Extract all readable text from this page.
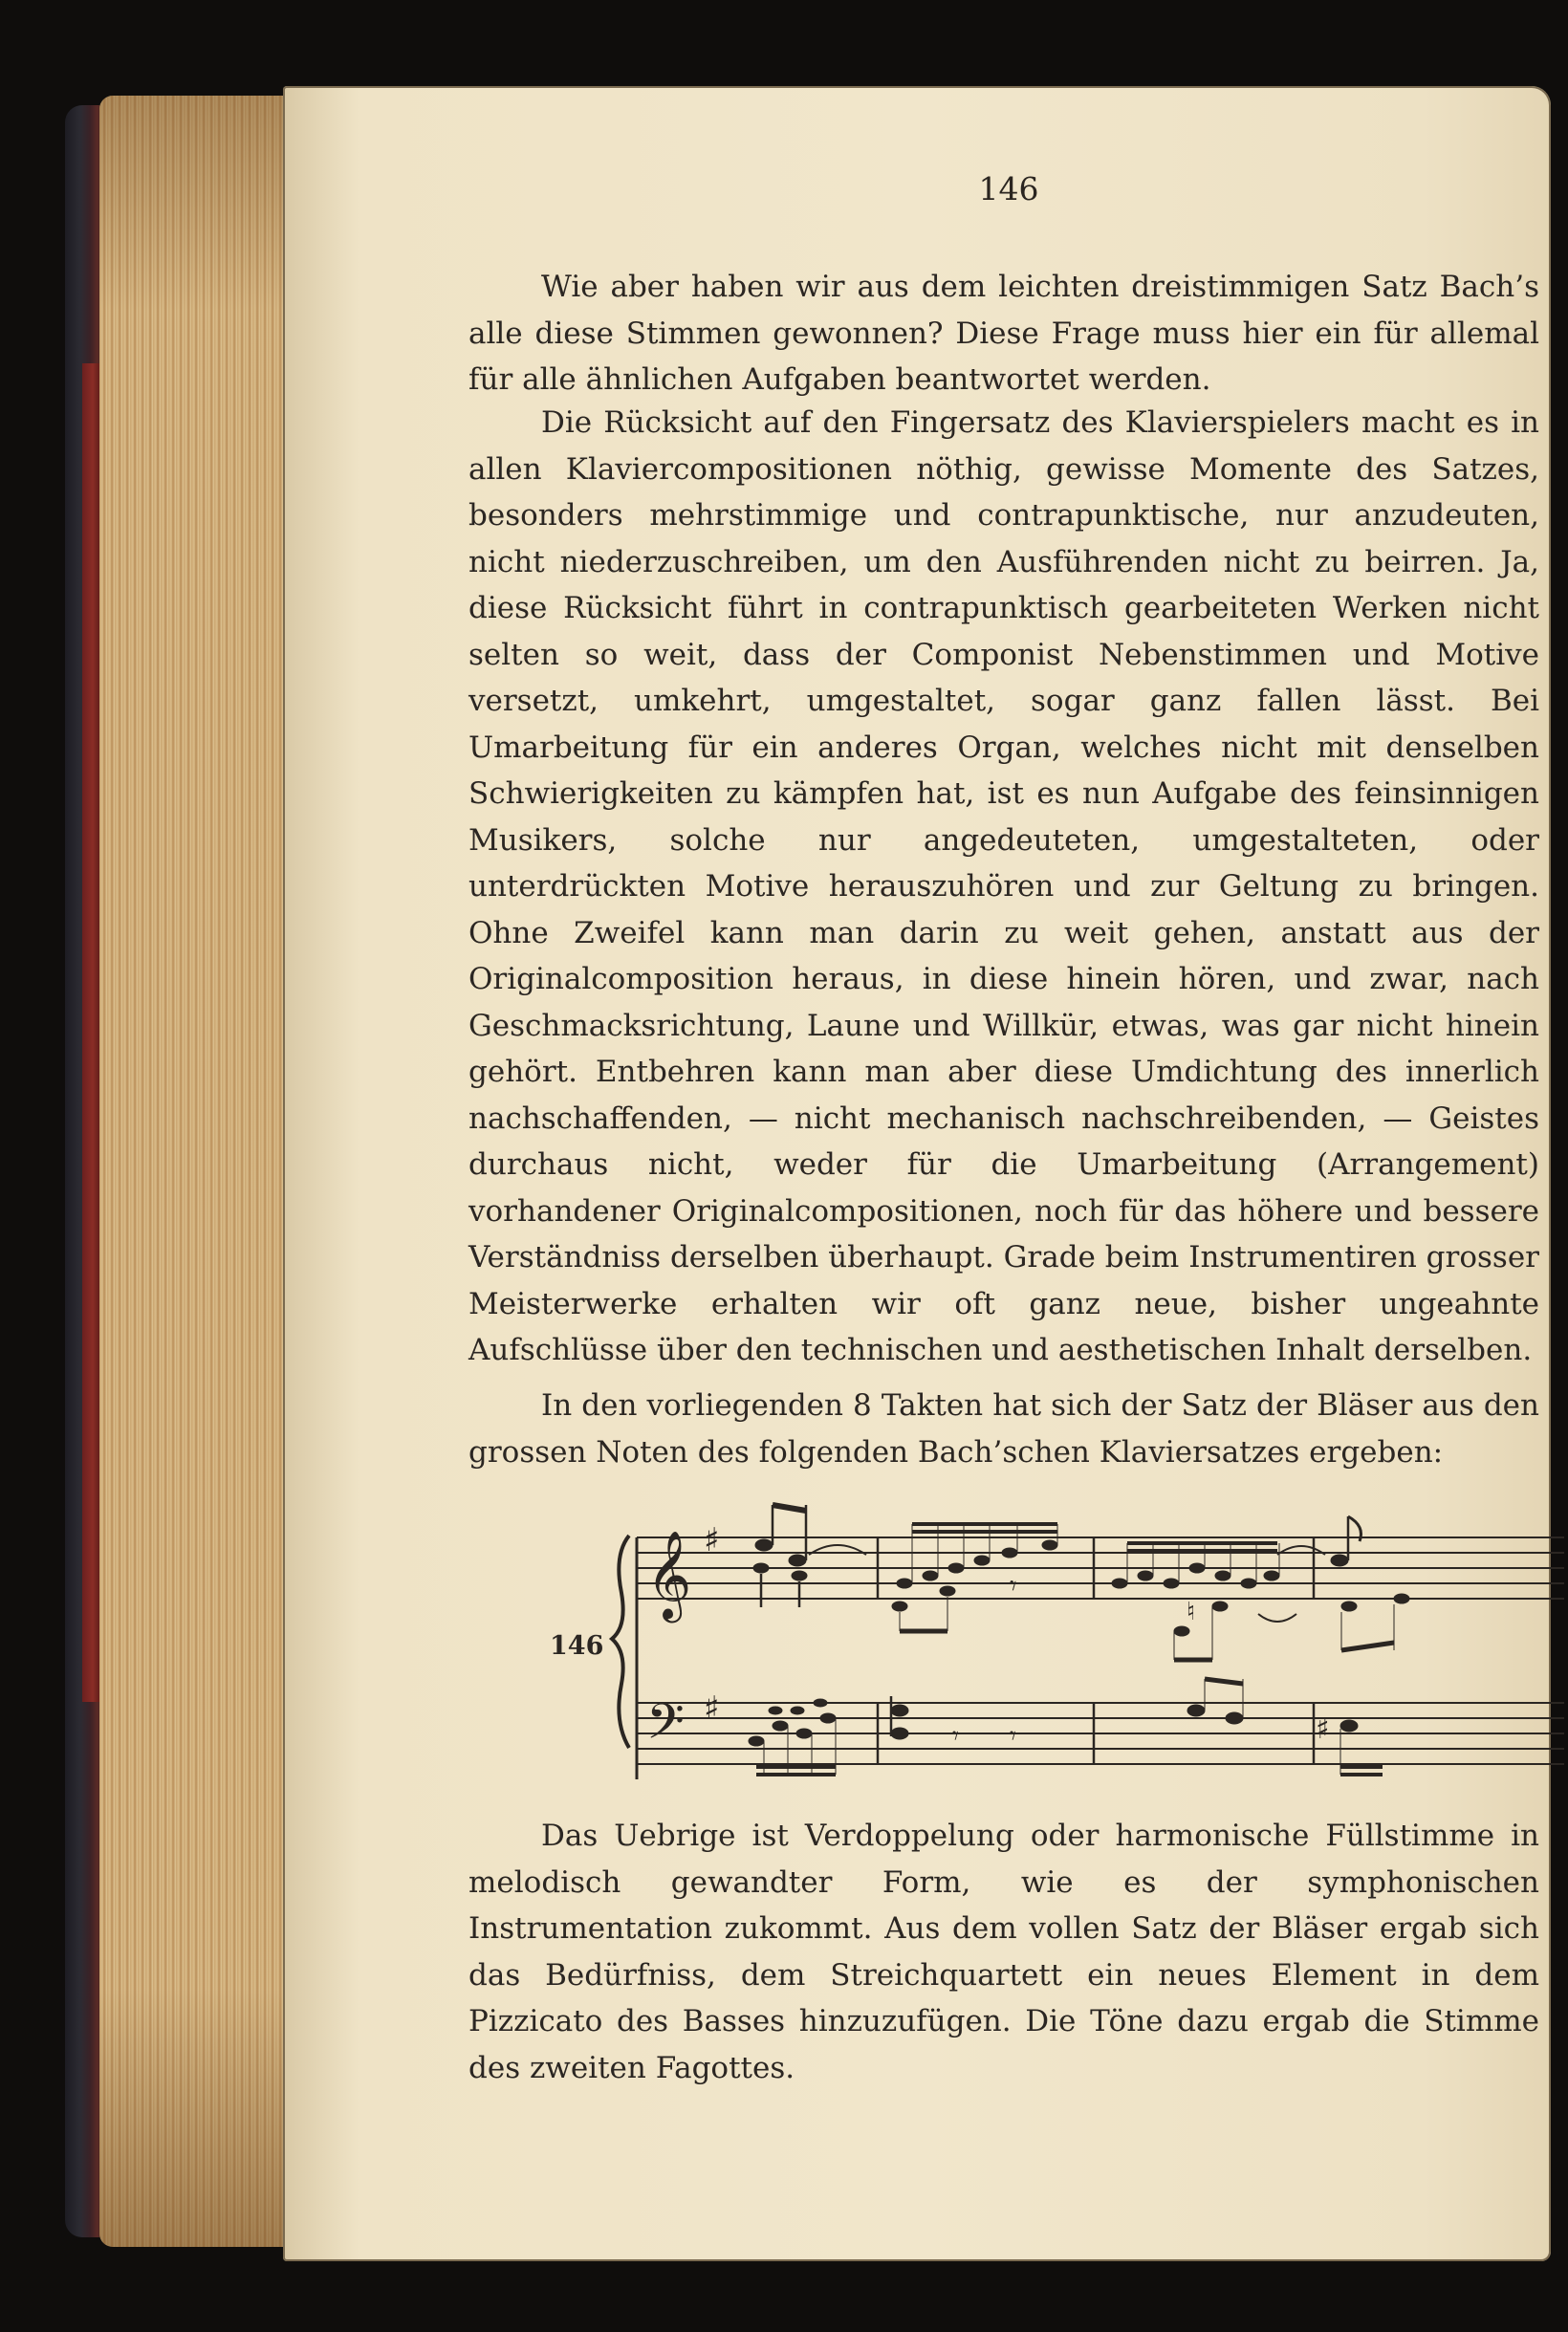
146

Wie aber haben wir aus dem leichten dreistimmigen Satz Bach’s alle diese Stimmen gewonnen? Diese Frage muss hier ein für allemal für alle ähnlichen Aufgaben beantwortet werden.

Die Rücksicht auf den Fingersatz des Klavierspielers macht es in allen Klaviercompositionen nöthig, gewisse Momente des Satzes, besonders mehrstimmige und contrapunktische, nur anzudeuten, nicht niederzuschreiben, um den Ausführenden nicht zu beirren. Ja, diese Rücksicht führt in contrapunktisch gearbeiteten Werken nicht selten so weit, dass der Componist Nebenstimmen und Motive versetzt, umkehrt, umgestaltet, sogar ganz fallen lässt. Bei Umarbeitung für ein anderes Organ, welches nicht mit denselben Schwierigkeiten zu kämpfen hat, ist es nun Aufgabe des feinsinnigen Musikers, solche nur angedeuteten, umgestalteten, oder unterdrückten Motive herauszuhören und zur Geltung zu bringen. Ohne Zweifel kann man darin zu weit gehen, anstatt aus der Originalcomposition heraus, in diese hinein hören, und zwar, nach Geschmacksrichtung, Laune und Willkür, etwas, was gar nicht hinein gehört. Entbehren kann man aber diese Umdichtung des innerlich nachschaffenden, — nicht mechanisch nachschreibenden, — Geistes durchaus nicht, weder für die Umarbeitung (Arrangement) vorhandener Originalcompositionen, noch für das höhere und bessere Verständniss derselben überhaupt. Grade beim Instrumentiren grosser Meisterwerke erhalten wir oft ganz neue, bisher ungeahnte Aufschlüsse über den technischen und aesthetischen Inhalt derselben.

In den vorliegenden 8 Takten hat sich der Satz der Bläser aus den grossen Noten des folgenden Bach’schen Klaviersatzes ergeben:

146
𝄞
𝄢
♯
♯
𝄾
♮
𝄾 𝄾	♯

Das Uebrige ist Verdoppelung oder harmonische Füllstimme in melodisch gewandter Form, wie es der symphonischen Instrumentation zukommt. Aus dem vollen Satz der Bläser ergab sich das Bedürfniss, dem Streichquartett ein neues Element in dem Pizzicato des Basses hinzuzufügen. Die Töne dazu ergab die Stimme des zweiten Fagottes.
